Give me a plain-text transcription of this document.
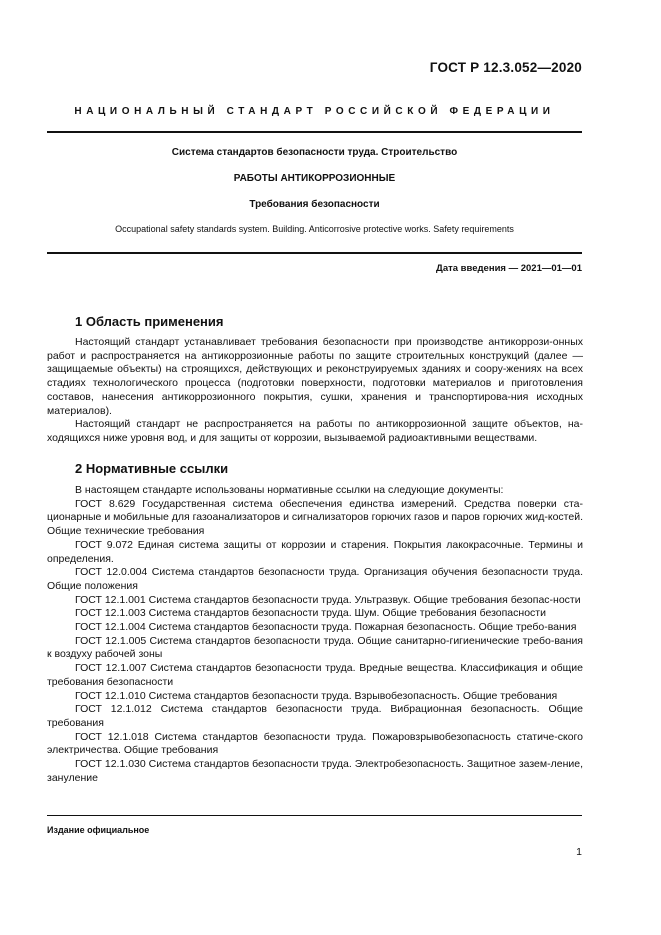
ГОСТ Р 12.3.052—2020
НАЦИОНАЛЬНЫЙ СТАНДАРТ РОССИЙСКОЙ ФЕДЕРАЦИИ
Система стандартов безопасности труда. Строительство
РАБОТЫ АНТИКОРРОЗИОННЫЕ
Требования безопасности
Occupational safety standards system. Building. Anticorrosive protective works. Safety requirements
Дата введения — 2021—01—01
1 Область применения

Настоящий стандарт устанавливает требования безопасности при производстве антикоррози-онных работ и распространяется на антикоррозионные работы по защите строительных конструкций (далее — защищаемые объекты) на строящихся, действующих и реконструируемых зданиях и соору-жениях на всех стадиях технологического процесса (подготовки поверхности, подготовки материалов и приготовления составов, нанесения антикоррозионного покрытия, сушки, хранения и транспортирова-ния исходных материалов).

Настоящий стандарт не распространяется на работы по антикоррозионной защите объектов, на-ходящихся ниже уровня вод, и для защиты от коррозии, вызываемой радиоактивными веществами.

2 Нормативные ссылки

В настоящем стандарте использованы нормативные ссылки на следующие документы:

ГОСТ 8.629 Государственная система обеспечения единства измерений. Средства поверки ста-ционарные и мобильные для газоанализаторов и сигнализаторов горючих газов и паров горючих жид-костей. Общие технические требования

ГОСТ 9.072 Единая система защиты от коррозии и старения. Покрытия лакокрасочные. Термины и определения.

ГОСТ 12.0.004 Система стандартов безопасности труда. Организация обучения безопасности труда. Общие положения

ГОСТ 12.1.001 Система стандартов безопасности труда. Ультразвук. Общие требования безопас-ности

ГОСТ 12.1.003 Система стандартов безопасности труда. Шум. Общие требования безопасности

ГОСТ 12.1.004 Система стандартов безопасности труда. Пожарная безопасность. Общие требо-вания

ГОСТ 12.1.005 Система стандартов безопасности труда. Общие санитарно-гигиенические требо-вания к воздуху рабочей зоны

ГОСТ 12.1.007 Система стандартов безопасности труда. Вредные вещества. Классификация и общие требования безопасности

ГОСТ 12.1.010 Система стандартов безопасности труда. Взрывобезопасность. Общие требования

ГОСТ 12.1.012 Система стандартов безопасности труда. Вибрационная безопасность. Общие требования

ГОСТ 12.1.018 Система стандартов безопасности труда. Пожаровзрывобезопасность статиче-ского электричества. Общие требования

ГОСТ 12.1.030 Система стандартов безопасности труда. Электробезопасность. Защитное зазем-ление, зануление

Издание официальное
1
